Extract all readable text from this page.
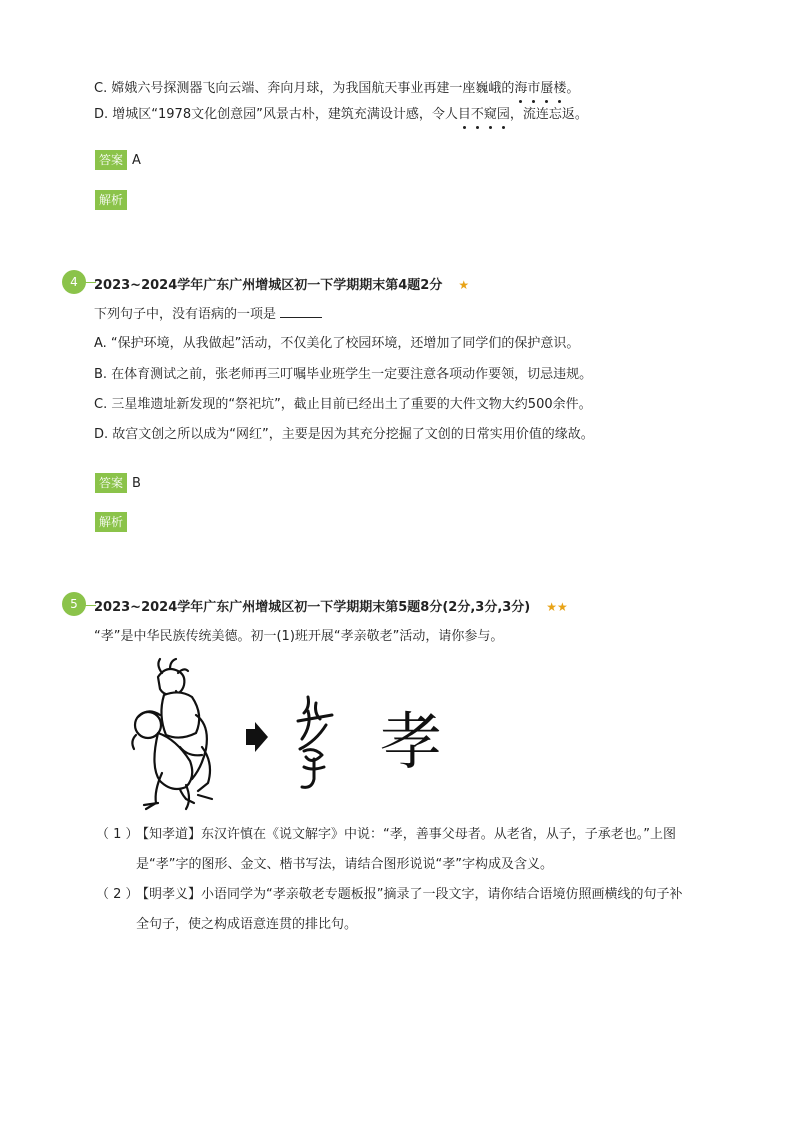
C. 嫦娥六号探测器飞向云端、奔向月球，为我国航天事业再建一座巍峨的海市蜃楼。
D. 增城区“1978文化创意园”风景古朴，建筑充满设计感，令人目不窥园，流连忘返。
答案 A
解析
4	2023~2024学年广东广州增城区初一下学期期末第4题2分 ★
下列句子中，没有语病的一项是
A. “保护环境，从我做起”活动，不仅美化了校园环境，还增加了同学们的保护意识。
B. 在体育测试之前，张老师再三叮嘱毕业班学生一定要注意各项动作要领，切忌违规。
C. 三星堆遗址新发现的“祭祀坑”，截止目前已经出土了重要的大件文物大约500余件。
D. 故宫文创之所以成为“网红”，主要是因为其充分挖掘了文创的日常实用价值的缘故。
答案 B
解析
5	2023~2024学年广东广州增城区初一下学期期末第5题8分(2分,3分,3分) ★★
“孝”是中华民族传统美德。初一(1)班开展“孝亲敬老”活动，请你参与。
孝
（ 1 ）【知孝道】东汉许慎在《说文解字》中说：“孝，善事父母者。从老省，从子，子承老也。”上图
是“孝”字的图形、金文、楷书写法，请结合图形说说“孝”字构成及含义。
（ 2 ）【明孝义】小语同学为“孝亲敬老专题板报”摘录了一段文字，请你结合语境仿照画横线的句子补
全句子，使之构成语意连贯的排比句。
